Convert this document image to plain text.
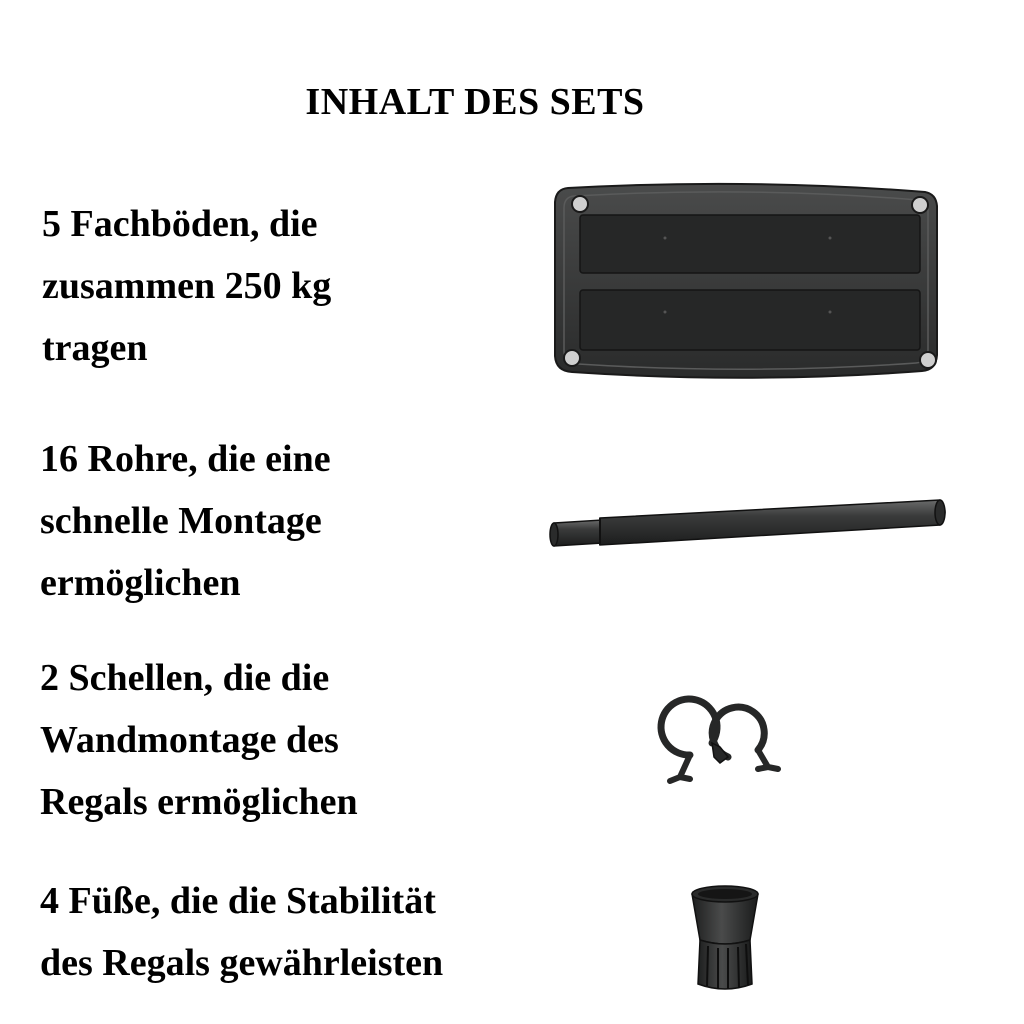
INHALT DES SETS
5 Fachböden, die
zusammen 250 kg
tragen
16 Rohre, die eine
schnelle Montage
ermöglichen
2 Schellen, die die
Wandmontage des
Regals ermöglichen
4 Füße, die die Stabilität
des Regals gewährleisten
